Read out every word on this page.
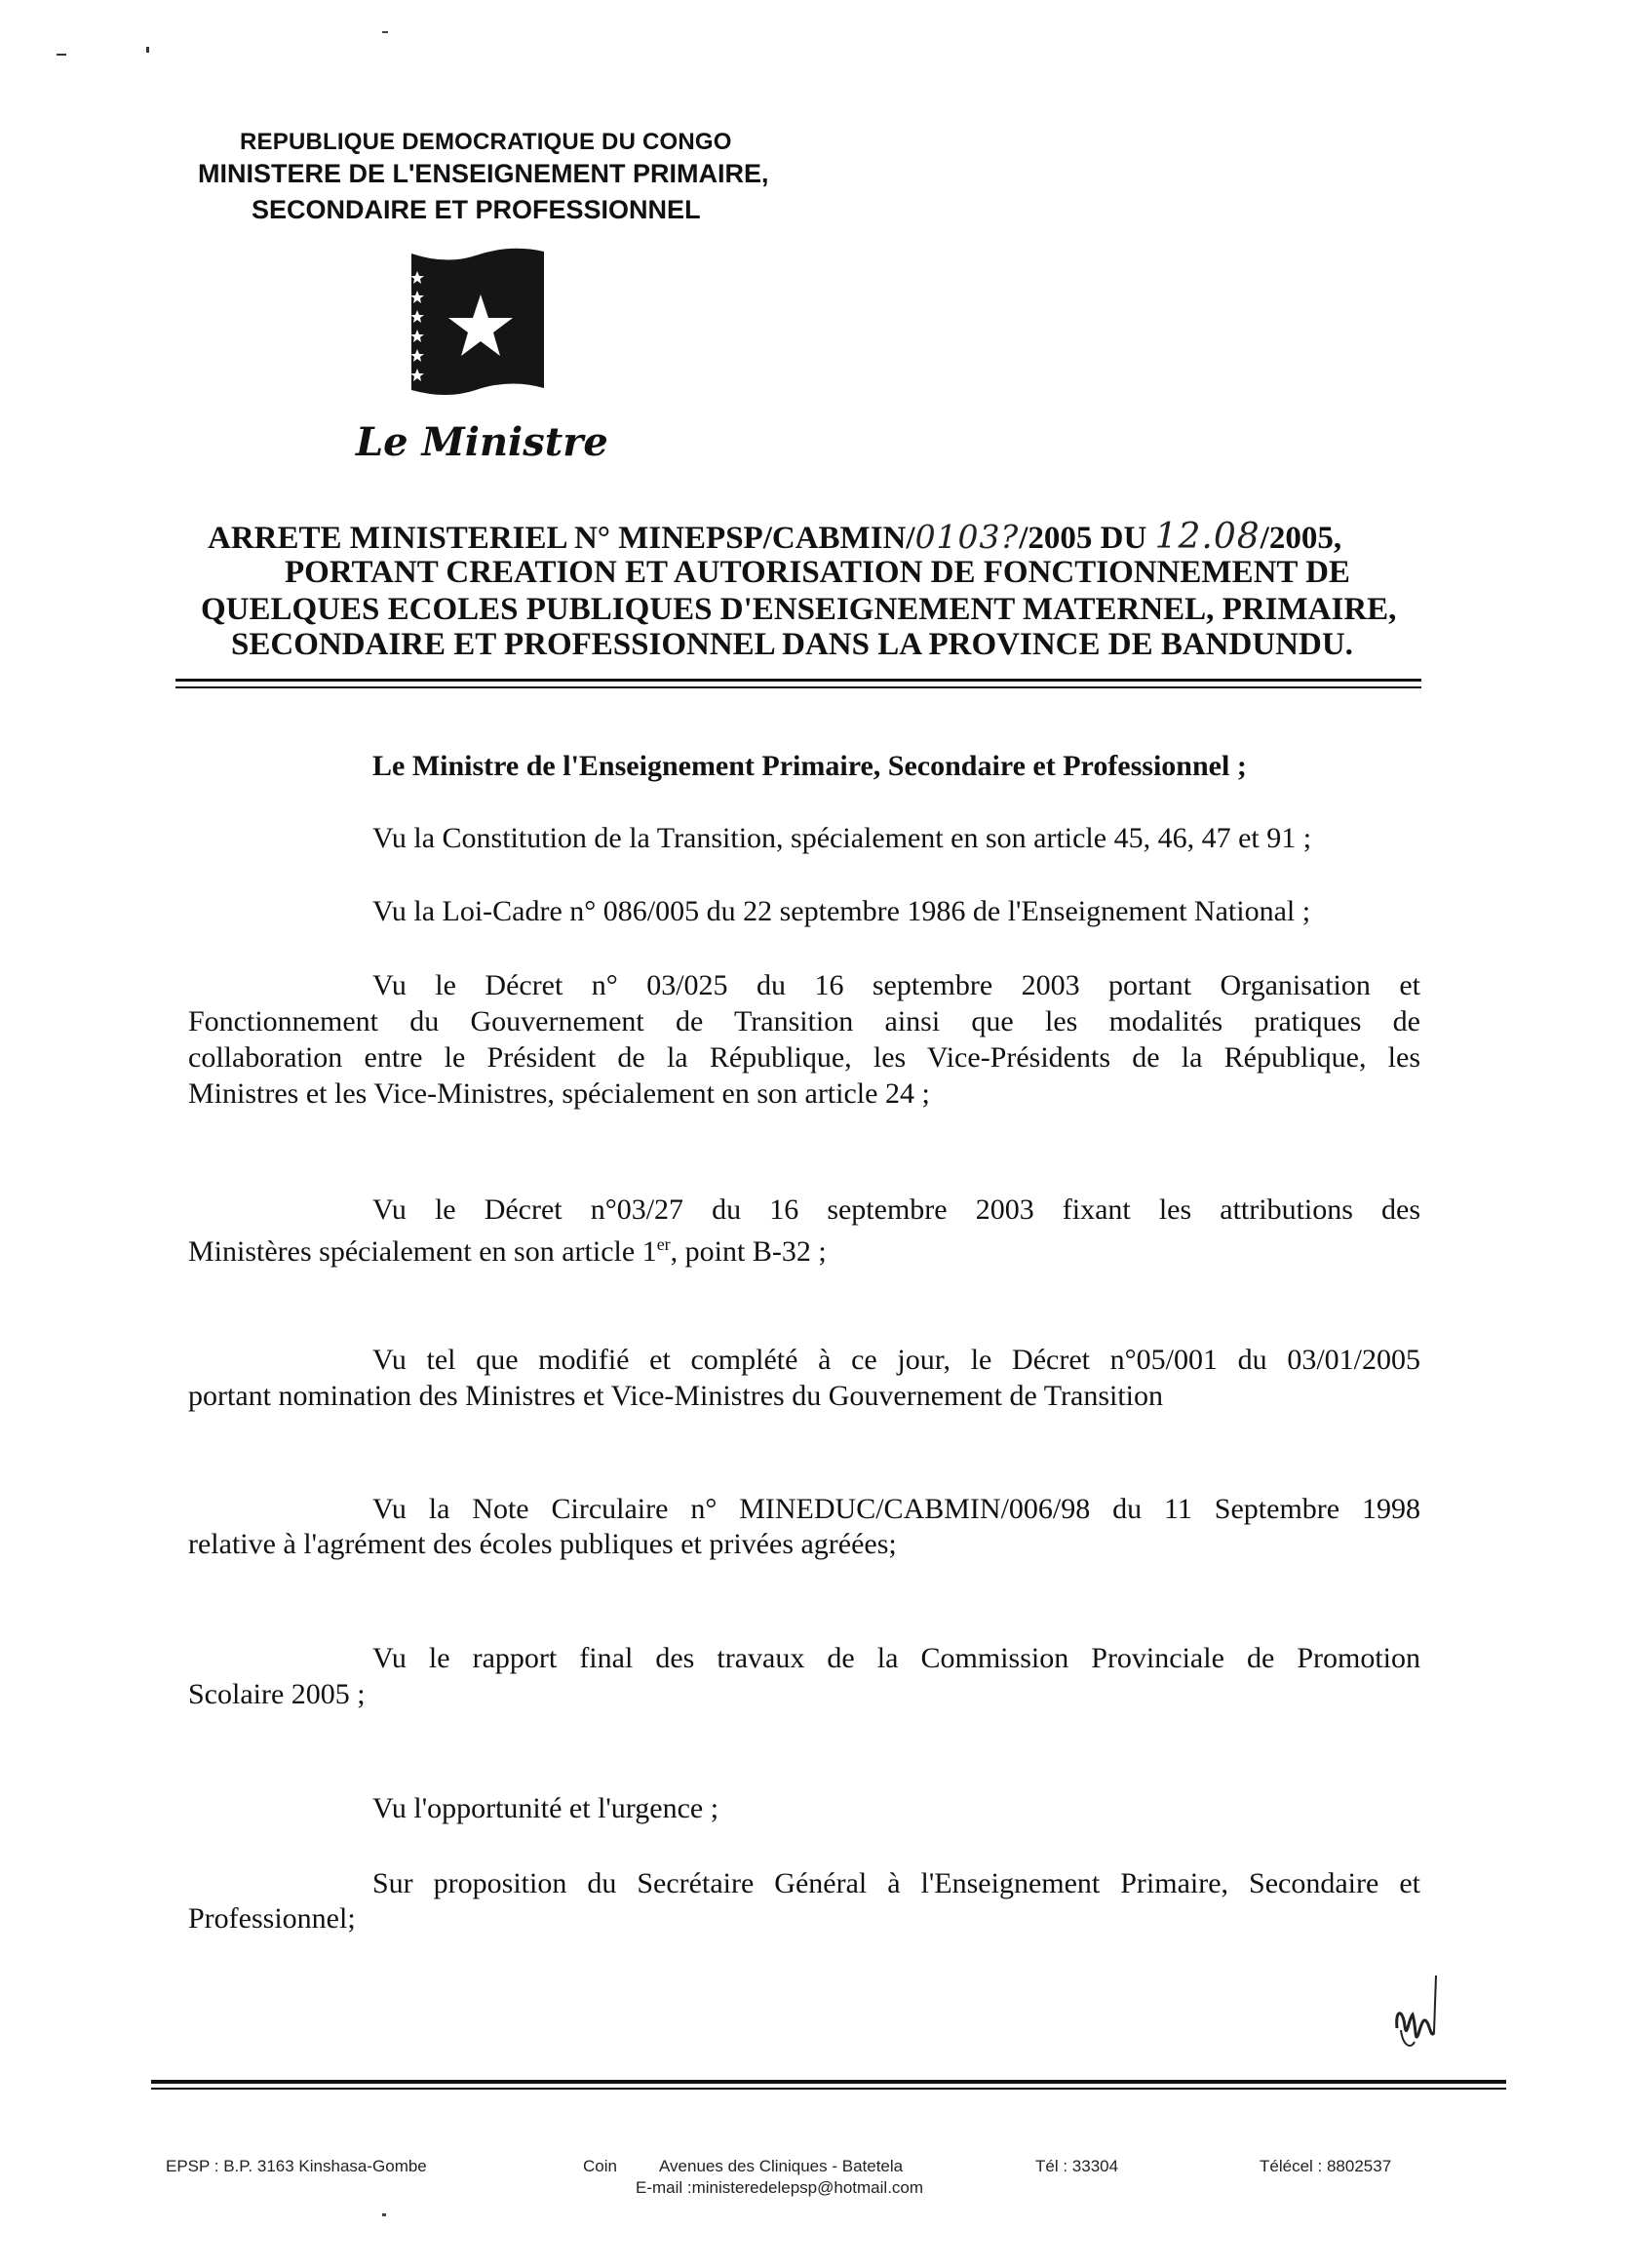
REPUBLIQUE DEMOCRATIQUE DU CONGO
MINISTERE DE L'ENSEIGNEMENT PRIMAIRE,
SECONDAIRE ET PROFESSIONNEL
Le Ministre
ARRETE MINISTERIEL N° MINEPSP/CABMIN/0103?/2005 DU 12.08/2005,
PORTANT CREATION ET AUTORISATION DE FONCTIONNEMENT DE
QUELQUES ECOLES PUBLIQUES D'ENSEIGNEMENT MATERNEL, PRIMAIRE,
SECONDAIRE ET PROFESSIONNEL DANS LA PROVINCE DE BANDUNDU.
Le Ministre de l'Enseignement Primaire, Secondaire et Professionnel ;
Vu la Constitution de la Transition, spécialement en son article 45, 46, 47 et 91 ;
Vu la Loi-Cadre n° 086/005 du 22 septembre 1986 de l'Enseignement National ;
Vu le Décret n° 03/025 du 16 septembre 2003 portant Organisation et
Fonctionnement du Gouvernement de Transition ainsi que les modalités pratiques de
collaboration entre le Président de la République, les Vice-Présidents de la République, les
Ministres et les Vice-Ministres, spécialement en son article 24 ;
Vu le Décret n°03/27 du 16 septembre 2003 fixant les attributions des
Ministères spécialement en son article 1er, point B-32 ;
Vu tel que modifié et complété à ce jour, le Décret n°05/001 du 03/01/2005
portant nomination des Ministres et Vice-Ministres du Gouvernement de Transition
Vu la Note Circulaire n° MINEDUC/CABMIN/006/98 du 11 Septembre 1998
relative à l'agrément des écoles publiques et privées agréées;
Vu le rapport final des travaux de la Commission Provinciale de Promotion
Scolaire 2005 ;
Vu l'opportunité et l'urgence ;
Sur proposition du Secrétaire Général à l'Enseignement Primaire, Secondaire et
Professionnel;
EPSP : B.P. 3163 Kinshasa-Gombe	Coin	Avenues des Cliniques - Batetela	Tél : 33304	Télécel : 8802537
E-mail :ministeredelepsp@hotmail.com
